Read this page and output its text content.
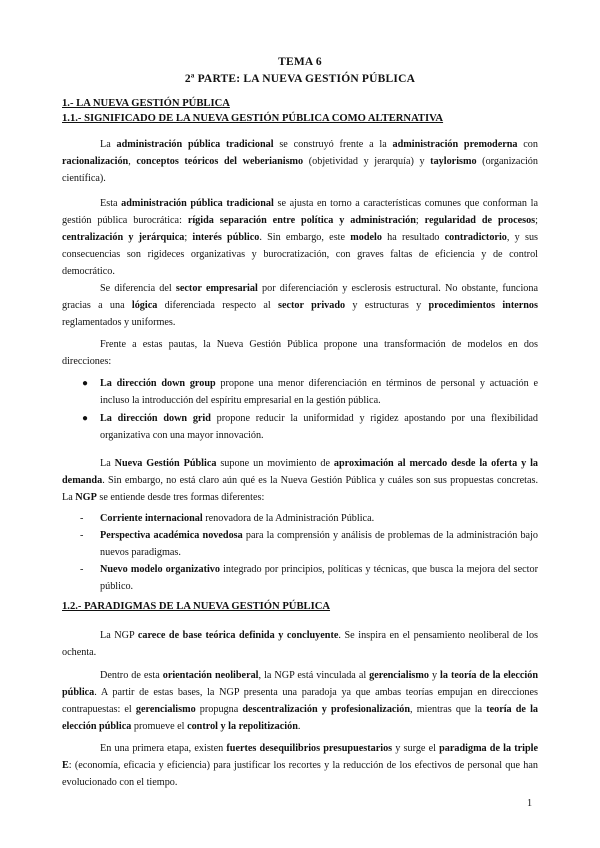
TEMA 6
2ª PARTE: LA NUEVA GESTIÓN PÚBLICA
1.- LA NUEVA GESTIÓN PÚBLICA
1.1.- SIGNIFICADO DE LA NUEVA GESTIÓN PÚBLICA COMO ALTERNATIVA
La administración pública tradicional se construyó frente a la administración premoderna con racionalización, conceptos teóricos del weberianismo (objetividad y jerarquía) y taylorismo (organización científica).
Esta administración pública tradicional se ajusta en torno a características comunes que conforman la gestión pública burocrática: rígida separación entre política y administración; regularidad de procesos; centralización y jerárquica; interés público. Sin embargo, este modelo ha resultado contradictorio, y sus consecuencias son rigideces organizativas y burocratización, con graves faltas de eficiencia y de control democrático.
Se diferencia del sector empresarial por diferenciación y esclerosis estructural. No obstante, funciona gracias a una lógica diferenciada respecto al sector privado y estructuras y procedimientos internos reglamentados y uniformes.
Frente a estas pautas, la Nueva Gestión Pública propone una transformación de modelos en dos direcciones:
●	La dirección down group propone una menor diferenciación en términos de personal y actuación e incluso la introducción del espíritu empresarial en la gestión pública.
●	La dirección down grid propone reducir la uniformidad y rigidez apostando por una flexibilidad organizativa con una mayor innovación.
La Nueva Gestión Pública supone un movimiento de aproximación al mercado desde la oferta y la demanda. Sin embargo, no está claro aún qué es la Nueva Gestión Pública y cuáles son sus propuestas concretas. La NGP se entiende desde tres formas diferentes:
-	Corriente internacional renovadora de la Administración Pública.
-	Perspectiva académica novedosa para la comprensión y análisis de problemas de la administración bajo nuevos paradigmas.
-	Nuevo modelo organizativo integrado por principios, políticas y técnicas, que busca la mejora del sector público.
1.2.- PARADIGMAS DE LA NUEVA GESTIÓN PÚBLICA
La NGP carece de base teórica definida y concluyente. Se inspira en el pensamiento neoliberal de los ochenta.
Dentro de esta orientación neoliberal, la NGP está vinculada al gerencialismo y la teoría de la elección pública. A partir de estas bases, la NGP presenta una paradoja ya que ambas teorías empujan en direcciones contrapuestas: el gerencialismo propugna descentralización y profesionalización, mientras que la teoría de la elección pública promueve el control y la repolitización.
En una primera etapa, existen fuertes desequilibrios presupuestarios y surge el paradigma de la triple E: (economía, eficacia y eficiencia) para justificar los recortes y la reducción de los efectivos de personal que han evolucionado con el tiempo.
1
